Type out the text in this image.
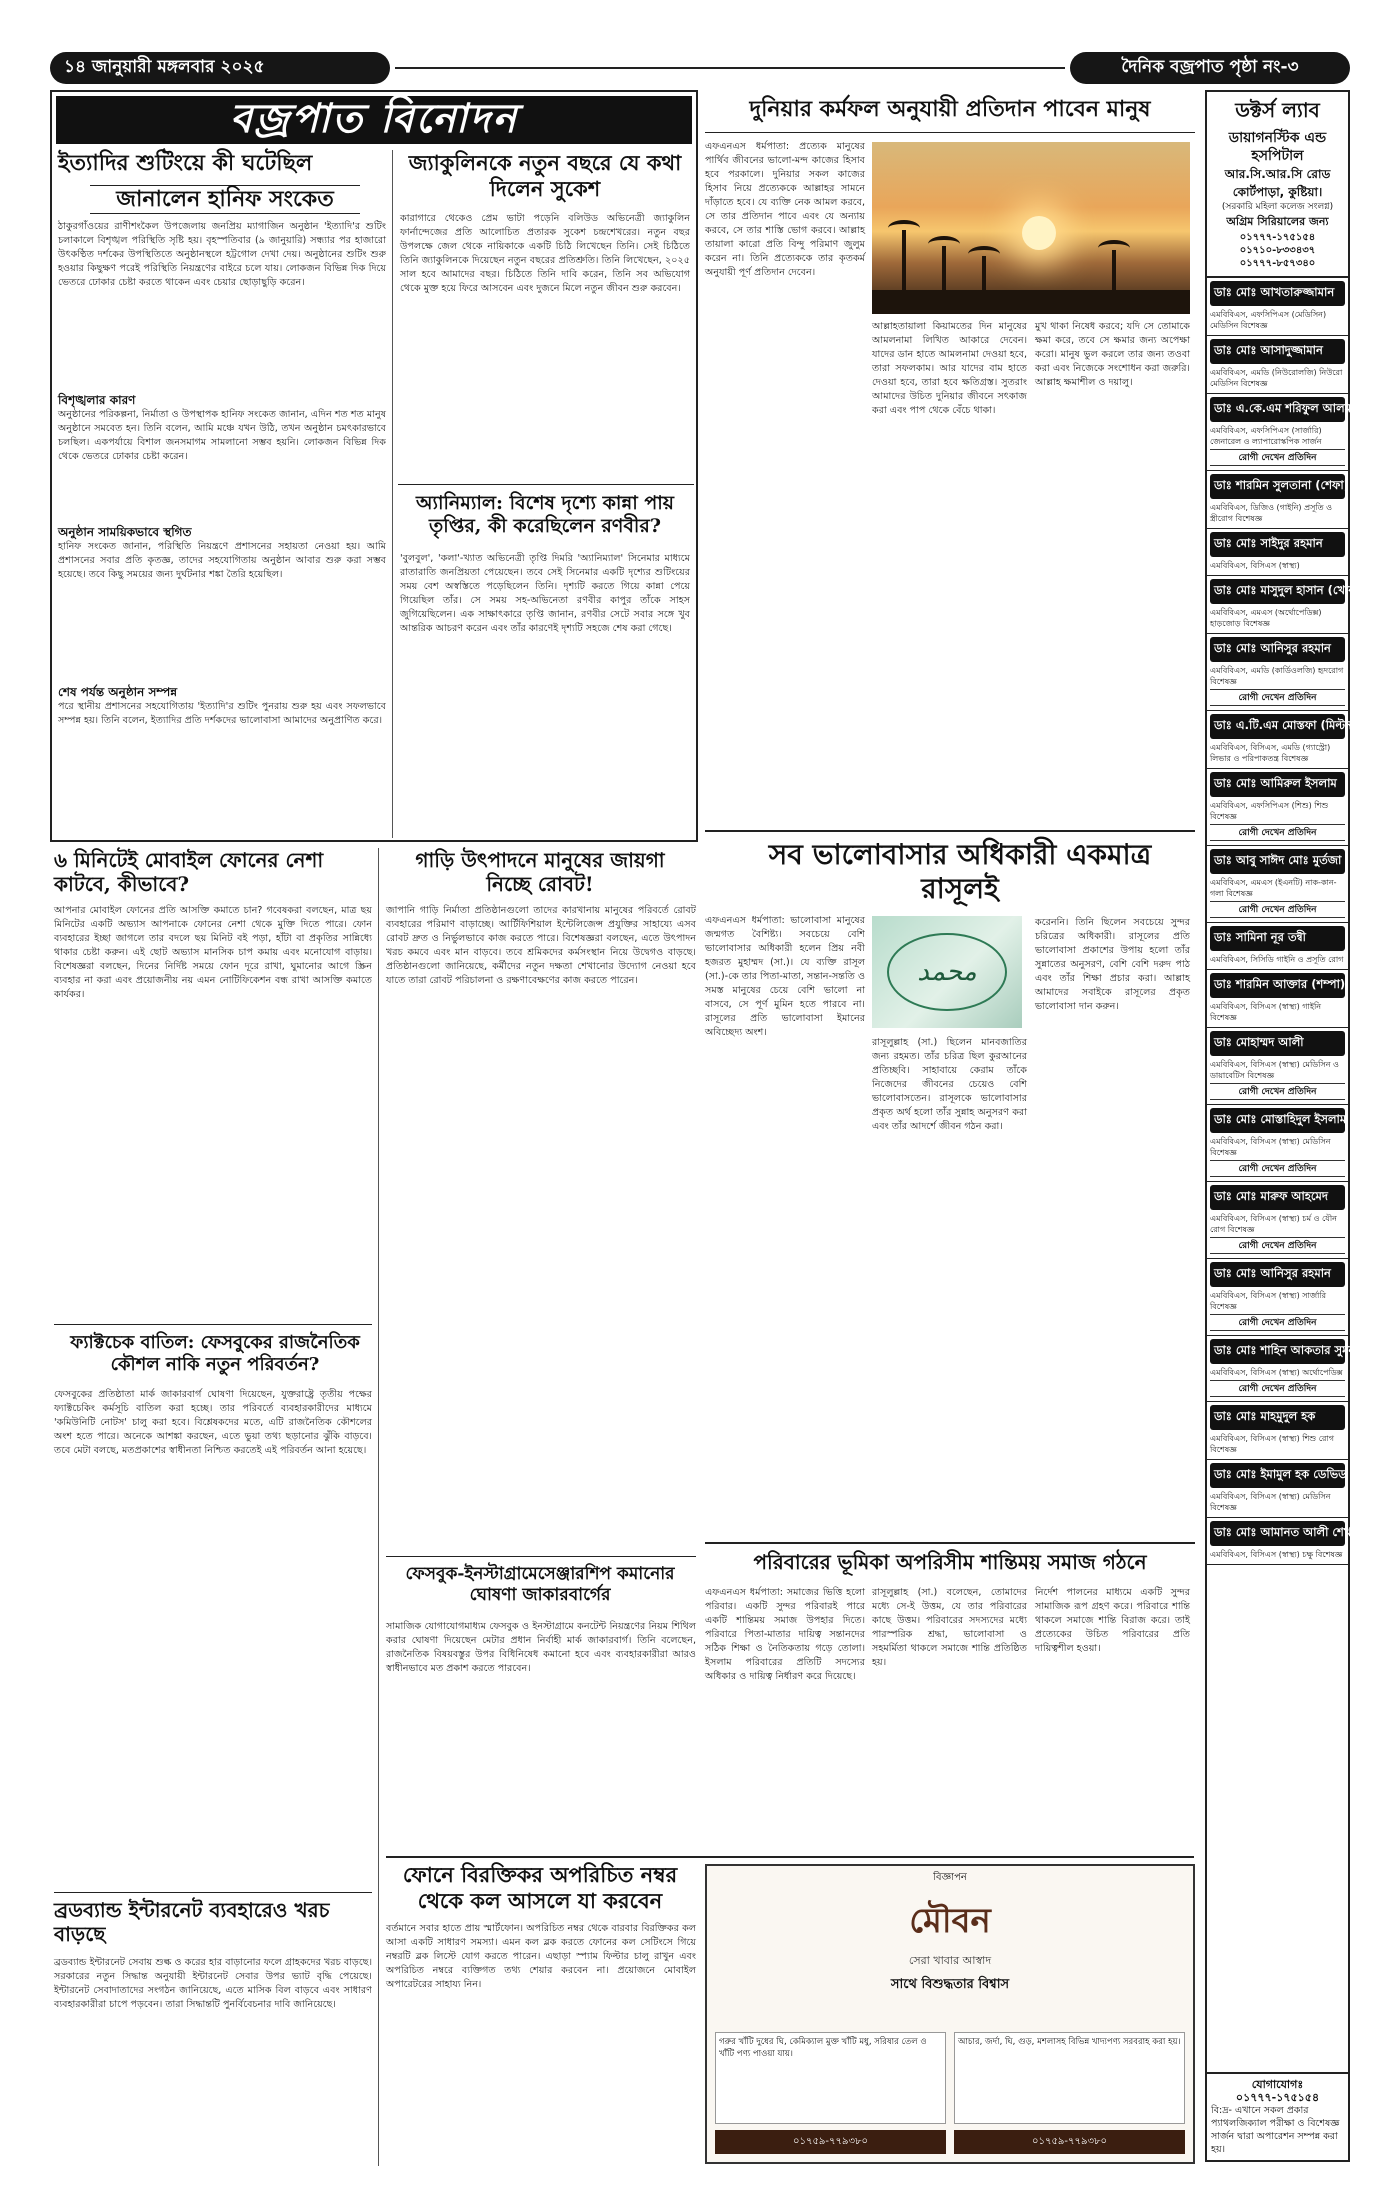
১৪ জানুয়ারী মঙ্গলবার ২০২৫	দৈনিক বজ্রপাত পৃষ্ঠা নং-৩
বজ্রপাত বিনোদন
ইত্যাদির শুটিংয়ে কী ঘটেছিল
জানালেন হানিফ সংকেত
ঠাকুরগাঁওয়ের রাণীশংকৈল উপজেলায় জনপ্রিয় ম্যাগাজিন অনুষ্ঠান 'ইত্যাদি'র শুটিং চলাকালে বিশৃঙ্খল পরিস্থিতি সৃষ্টি হয়। বৃহস্পতিবার (৯ জানুয়ারি) সন্ধ্যার পর হাজারো উৎকণ্ঠিত দর্শকের উপস্থিতিতে অনুষ্ঠানস্থলে হট্টগোল দেখা দেয়। অনুষ্ঠানের শুটিং শুরু হওয়ার কিছুক্ষণ পরেই পরিস্থিতি নিয়ন্ত্রণের বাইরে চলে যায়। লোকজন বিভিন্ন দিক দিয়ে ভেতরে ঢোকার চেষ্টা করতে থাকেন এবং চেয়ার ছোড়াছুড়ি করেন।
বিশৃঙ্খলার কারণ
অনুষ্ঠানের পরিকল্পনা, নির্মাতা ও উপস্থাপক হানিফ সংকেত জানান, এদিন শত শত মানুষ অনুষ্ঠানে সমবেত হন। তিনি বলেন, আমি মঞ্চে যখন উঠি, তখন অনুষ্ঠান চমৎকারভাবে চলছিল। একপর্যায়ে বিশাল জনসমাগম সামলানো সম্ভব হয়নি। লোকজন বিভিন্ন দিক থেকে ভেতরে ঢোকার চেষ্টা করেন।
অনুষ্ঠান সাময়িকভাবে স্থগিত
হানিফ সংকেত জানান, পরিস্থিতি নিয়ন্ত্রণে প্রশাসনের সহায়তা নেওয়া হয়। আমি প্রশাসনের সবার প্রতি কৃতজ্ঞ, তাদের সহযোগিতায় অনুষ্ঠান আবার শুরু করা সম্ভব হয়েছে। তবে কিছু সময়ের জন্য দুর্ঘটনার শঙ্কা তৈরি হয়েছিল।
শেষ পর্যন্ত অনুষ্ঠান সম্পন্ন
পরে স্থানীয় প্রশাসনের সহযোগিতায় 'ইত্যাদি'র শুটিং পুনরায় শুরু হয় এবং সফলভাবে সম্পন্ন হয়। তিনি বলেন, ইত্যাদির প্রতি দর্শকদের ভালোবাসা আমাদের অনুপ্রাণিত করে।
জ্যাকুলিনকে নতুন বছরে যে কথা দিলেন সুকেশ
কারাগারে থেকেও প্রেম ভাটা পড়েনি বলিউড অভিনেত্রী জ্যাকুলিন ফার্নান্দেজের প্রতি আলোচিত প্রতারক সুকেশ চন্দ্রশেখরের। নতুন বছর উপলক্ষে জেল থেকে নায়িকাকে একটি চিঠি লিখেছেন তিনি। সেই চিঠিতে তিনি জ্যাকুলিনকে দিয়েছেন নতুন বছরের প্রতিশ্রুতি। তিনি লিখেছেন, ২০২৫ সাল হবে আমাদের বছর। চিঠিতে তিনি দাবি করেন, তিনি সব অভিযোগ থেকে মুক্ত হয়ে ফিরে আসবেন এবং দুজনে মিলে নতুন জীবন শুরু করবেন।
অ্যানিম্যাল: বিশেষ দৃশ্যে কান্না পায় তৃপ্তির, কী করেছিলেন রণবীর?
'বুলবুল', 'কলা'-খ্যাত অভিনেত্রী তৃপ্তি দিমরি 'অ্যানিম্যাল' সিনেমার মাধ্যমে রাতারাতি জনপ্রিয়তা পেয়েছেন। তবে সেই সিনেমার একটি দৃশ্যের শুটিংয়ের সময় বেশ অস্বস্তিতে পড়েছিলেন তিনি। দৃশ্যটি করতে গিয়ে কান্না পেয়ে গিয়েছিল তাঁর। সে সময় সহ-অভিনেতা রণবীর কাপুর তাঁকে সাহস জুগিয়েছিলেন। এক সাক্ষাৎকারে তৃপ্তি জানান, রণবীর সেটে সবার সঙ্গে খুব আন্তরিক আচরণ করেন এবং তাঁর কারণেই দৃশ্যটি সহজে শেষ করা গেছে।
দুনিয়ার কর্মফল অনুযায়ী প্রতিদান পাবেন মানুষ
এফএনএস ধর্মপাতা: প্রত্যেক মানুষের পার্থিব জীবনের ভালো-মন্দ কাজের হিসাব হবে পরকালে। দুনিয়ার সকল কাজের হিসাব নিয়ে প্রত্যেককে আল্লাহর সামনে দাঁড়াতে হবে। যে ব্যক্তি নেক আমল করবে, সে তার প্রতিদান পাবে এবং যে অন্যায় করবে, সে তার শাস্তি ভোগ করবে। আল্লাহ তায়ালা কারো প্রতি বিন্দু পরিমাণ জুলুম করেন না। তিনি প্রত্যেককে তার কৃতকর্ম অনুযায়ী পূর্ণ প্রতিদান দেবেন।
আল্লাহতায়ালা কিয়ামতের দিন মানুষের আমলনামা লিখিত আকারে দেবেন। যাদের ডান হাতে আমলনামা দেওয়া হবে, তারা সফলকাম। আর যাদের বাম হাতে দেওয়া হবে, তারা হবে ক্ষতিগ্রস্ত। সুতরাং আমাদের উচিত দুনিয়ার জীবনে সৎকাজ করা এবং পাপ থেকে বেঁচে থাকা।
মুখ থাকা নিষেধ করবে; যদি সে তোমাকে ক্ষমা করে, তবে সে ক্ষমার জন্য অপেক্ষা করো। মানুষ ভুল করলে তার জন্য তওবা করা এবং নিজেকে সংশোধন করা জরুরি। আল্লাহ ক্ষমাশীল ও দয়ালু।
সব ভালোবাসার অধিকারী একমাত্র রাসূলই
এফএনএস ধর্মপাতা: ভালোবাসা মানুষের জন্মগত বৈশিষ্ট্য। সবচেয়ে বেশি ভালোবাসার অধিকারী হলেন প্রিয় নবী হজরত মুহাম্মদ (সা.)। যে ব্যক্তি রাসূল (সা.)-কে তার পিতা-মাতা, সন্তান-সন্ততি ও সমস্ত মানুষের চেয়ে বেশি ভালো না বাসবে, সে পূর্ণ মুমিন হতে পারবে না। রাসূলের প্রতি ভালোবাসা ইমানের অবিচ্ছেদ্য অংশ।
محمد
রাসূলুল্লাহ (সা.) ছিলেন মানবজাতির জন্য রহমত। তাঁর চরিত্র ছিল কুরআনের প্রতিচ্ছবি। সাহাবায়ে কেরাম তাঁকে নিজেদের জীবনের চেয়েও বেশি ভালোবাসতেন। রাসূলকে ভালোবাসার প্রকৃত অর্থ হলো তাঁর সুন্নাহ অনুসরণ করা এবং তাঁর আদর্শে জীবন গঠন করা।
করেননি। তিনি ছিলেন সবচেয়ে সুন্দর চরিত্রের অধিকারী। রাসূলের প্রতি ভালোবাসা প্রকাশের উপায় হলো তাঁর সুন্নাতের অনুসরণ, বেশি বেশি দরুদ পাঠ এবং তাঁর শিক্ষা প্রচার করা। আল্লাহ আমাদের সবাইকে রাসূলের প্রকৃত ভালোবাসা দান করুন।
৬ মিনিটেই মোবাইল ফোনের নেশা কাটবে, কীভাবে?
আপনার মোবাইল ফোনের প্রতি আসক্তি কমাতে চান? গবেষকরা বলছেন, মাত্র ছয় মিনিটের একটি অভ্যাস আপনাকে ফোনের নেশা থেকে মুক্তি দিতে পারে। ফোন ব্যবহারের ইচ্ছা জাগলে তার বদলে ছয় মিনিট বই পড়া, হাঁটা বা প্রকৃতির সান্নিধ্যে থাকার চেষ্টা করুন। এই ছোট অভ্যাস মানসিক চাপ কমায় এবং মনোযোগ বাড়ায়। বিশেষজ্ঞরা বলছেন, দিনের নির্দিষ্ট সময়ে ফোন দূরে রাখা, ঘুমানোর আগে স্ক্রিন ব্যবহার না করা এবং প্রয়োজনীয় নয় এমন নোটিফিকেশন বন্ধ রাখা আসক্তি কমাতে কার্যকর।
ফ্যাক্টচেক বাতিল: ফেসবুকের রাজনৈতিক কৌশল নাকি নতুন পরিবর্তন?
ফেসবুকের প্রতিষ্ঠাতা মার্ক জাকারবার্গ ঘোষণা দিয়েছেন, যুক্তরাষ্ট্রে তৃতীয় পক্ষের ফ্যাক্টচেকিং কর্মসূচি বাতিল করা হচ্ছে। তার পরিবর্তে ব্যবহারকারীদের মাধ্যমে 'কমিউনিটি নোটস' চালু করা হবে। বিশ্লেষকদের মতে, এটি রাজনৈতিক কৌশলের অংশ হতে পারে। অনেকে আশঙ্কা করছেন, এতে ভুয়া তথ্য ছড়ানোর ঝুঁকি বাড়বে। তবে মেটা বলছে, মতপ্রকাশের স্বাধীনতা নিশ্চিত করতেই এই পরিবর্তন আনা হয়েছে।
ব্রডব্যান্ড ইন্টারনেট ব্যবহারেও খরচ বাড়ছে
ব্রডব্যান্ড ইন্টারনেট সেবায় শুল্ক ও করের হার বাড়ানোর ফলে গ্রাহকদের খরচ বাড়ছে। সরকারের নতুন সিদ্ধান্ত অনুযায়ী ইন্টারনেট সেবার উপর ভ্যাট বৃদ্ধি পেয়েছে। ইন্টারনেট সেবাদাতাদের সংগঠন জানিয়েছে, এতে মাসিক বিল বাড়বে এবং সাধারণ ব্যবহারকারীরা চাপে পড়বেন। তারা সিদ্ধান্তটি পুনর্বিবেচনার দাবি জানিয়েছে।
গাড়ি উৎপাদনে মানুষের জায়গা নিচ্ছে রোবট!
জাপানি গাড়ি নির্মাতা প্রতিষ্ঠানগুলো তাদের কারখানায় মানুষের পরিবর্তে রোবট ব্যবহারের পরিমাণ বাড়াচ্ছে। আর্টিফিশিয়াল ইন্টেলিজেন্স প্রযুক্তির সাহায্যে এসব রোবট দ্রুত ও নির্ভুলভাবে কাজ করতে পারে। বিশেষজ্ঞরা বলছেন, এতে উৎপাদন খরচ কমবে এবং মান বাড়বে। তবে শ্রমিকদের কর্মসংস্থান নিয়ে উদ্বেগও বাড়ছে। প্রতিষ্ঠানগুলো জানিয়েছে, কর্মীদের নতুন দক্ষতা শেখানোর উদ্যোগ নেওয়া হবে যাতে তারা রোবট পরিচালনা ও রক্ষণাবেক্ষণের কাজ করতে পারেন।
ফেসবুক-ইনস্টাগ্রামেসেঞ্জারশিপ কমানোর ঘোষণা জাকারবার্গের
সামাজিক যোগাযোগমাধ্যম ফেসবুক ও ইনস্টাগ্রামে কনটেন্ট নিয়ন্ত্রণের নিয়ম শিথিল করার ঘোষণা দিয়েছেন মেটার প্রধান নির্বাহী মার্ক জাকারবার্গ। তিনি বলেছেন, রাজনৈতিক বিষয়বস্তুর উপর বিধিনিষেধ কমানো হবে এবং ব্যবহারকারীরা আরও স্বাধীনভাবে মত প্রকাশ করতে পারবেন।
ফোনে বিরক্তিকর অপরিচিত নম্বর থেকে কল আসলে যা করবেন
বর্তমানে সবার হাতে প্রায় স্মার্টফোন। অপরিচিত নম্বর থেকে বারবার বিরক্তিকর কল আসা একটি সাধারণ সমস্যা। এমন কল ব্লক করতে ফোনের কল সেটিংসে গিয়ে নম্বরটি ব্লক লিস্টে যোগ করতে পারেন। এছাড়া স্প্যাম ফিল্টার চালু রাখুন এবং অপরিচিত নম্বরে ব্যক্তিগত তথ্য শেয়ার করবেন না। প্রয়োজনে মোবাইল অপারেটরের সাহায্য নিন।
পরিবারের ভূমিকা অপরিসীম শান্তিময় সমাজ গঠনে
এফএনএস ধর্মপাতা: সমাজের ভিত্তি হলো পরিবার। একটি সুন্দর পরিবারই পারে একটি শান্তিময় সমাজ উপহার দিতে। পরিবারে পিতা-মাতার দায়িত্ব সন্তানদের সঠিক শিক্ষা ও নৈতিকতায় গড়ে তোলা। ইসলাম পরিবারের প্রতিটি সদস্যের অধিকার ও দায়িত্ব নির্ধারণ করে দিয়েছে।
রাসূলুল্লাহ (সা.) বলেছেন, তোমাদের মধ্যে সে-ই উত্তম, যে তার পরিবারের কাছে উত্তম। পরিবারের সদস্যদের মধ্যে পারস্পরিক শ্রদ্ধা, ভালোবাসা ও সহমর্মিতা থাকলে সমাজে শান্তি প্রতিষ্ঠিত হয়।
নির্দেশ পালনের মাধ্যমে একটি সুন্দর সামাজিক রূপ গ্রহণ করে। পরিবারে শান্তি থাকলে সমাজে শান্তি বিরাজ করে। তাই প্রত্যেকের উচিত পরিবারের প্রতি দায়িত্বশীল হওয়া।
বিজ্ঞাপন
মৌবন
সেরা খাবার আস্বাদ
সাথে বিশুদ্ধতার বিশ্বাস
গরুর খাঁটি দুধের ঘি, কেমিক্যাল মুক্ত খাঁটি মধু, সরিষার তেল ও খাঁটি পণ্য পাওয়া যায়।
আচার, জর্দা, ঘি, গুড়, মশলাসহ বিভিন্ন খাদ্যপণ্য সরবরাহ করা হয়।
০১৭৫৯-৭৭৯৩৮০	০১৭৫৯-৭৭৯৩৮০
ডক্টর্স ল্যাব
ডায়াগনস্টিক এন্ড হসপিটাল
আর.সি.আর.সি রোড
কোর্টপাড়া, কুষ্টিয়া।
(সরকারি মহিলা কলেজ সংলগ্ন)
অগ্রিম সিরিয়ালের জন্য
০১৭৭৭-১৭৫১৫৪
০১৭১০-৮৩৩৪৩৭
০১৭৭৭-৮৫৭৩৪০
ডাঃ মোঃ আখতারুজ্জামান
এমবিবিএস, এফসিপিএস (মেডিসিন) মেডিসিন বিশেষজ্ঞ
ডাঃ মোঃ আসাদুজ্জামান
এমবিবিএস, এমডি (নিউরোলজি) নিউরো মেডিসিন বিশেষজ্ঞ
ডাঃ এ.কে.এম শরিফুল আলম
এমবিবিএস, এফসিপিএস (সার্জারি) জেনারেল ও ল্যাপারোস্কপিক সার্জন
রোগী দেখেন প্রতিদিন
ডাঃ শারমিন সুলতানা (শেফা)
এমবিবিএস, ডিজিও (গাইনি) প্রসূতি ও স্ত্রীরোগ বিশেষজ্ঞ
ডাঃ মোঃ সাইদুর রহমান
এমবিবিএস, বিসিএস (স্বাস্থ্য)
ডাঃ মোঃ মাসুদুল হাসান (খোকন)
এমবিবিএস, এমএস (অর্থোপেডিক্স) হাড়জোড় বিশেষজ্ঞ
ডাঃ মোঃ আনিসুর রহমান
এমবিবিএস, এমডি (কার্ডিওলজি) হৃদরোগ বিশেষজ্ঞ
রোগী দেখেন প্রতিদিন
ডাঃ এ.টি.এম মোস্তফা (মিল্টন)
এমবিবিএস, বিসিএস, এমডি (গ্যাস্ট্রো) লিভার ও পরিপাকতন্ত্র বিশেষজ্ঞ
ডাঃ মোঃ আমিরুল ইসলাম
এমবিবিএস, এফসিপিএস (শিশু) শিশু বিশেষজ্ঞ
রোগী দেখেন প্রতিদিন
ডাঃ আবু সাঈদ মোঃ মুর্তজা
এমবিবিএস, এমএস (ইএনটি) নাক-কান-গলা বিশেষজ্ঞ
রোগী দেখেন প্রতিদিন
ডাঃ সামিনা নূর তন্বী
এমবিবিএস, সিসিডি গাইনি ও প্রসূতি রোগ
ডাঃ শারমিন আক্তার (শম্পা)
এমবিবিএস, বিসিএস (স্বাস্থ্য) গাইনি বিশেষজ্ঞ
ডাঃ মোহাম্মদ আলী
এমবিবিএস, বিসিএস (স্বাস্থ্য) মেডিসিন ও ডায়াবেটিস বিশেষজ্ঞ
রোগী দেখেন প্রতিদিন
ডাঃ মোঃ মোস্তাহিদুল ইসলাম
এমবিবিএস, বিসিএস (স্বাস্থ্য) মেডিসিন বিশেষজ্ঞ
রোগী দেখেন প্রতিদিন
ডাঃ মোঃ মারুফ আহমেদ
এমবিবিএস, বিসিএস (স্বাস্থ্য) চর্ম ও যৌন রোগ বিশেষজ্ঞ
রোগী দেখেন প্রতিদিন
ডাঃ মোঃ আনিসুর রহমান
এমবিবিএস, বিসিএস (স্বাস্থ্য) সার্জারি বিশেষজ্ঞ
রোগী দেখেন প্রতিদিন
ডাঃ মোঃ শাহিন আকতার সুমন
এমবিবিএস, বিসিএস (স্বাস্থ্য) অর্থোপেডিক্স
রোগী দেখেন প্রতিদিন
ডাঃ মোঃ মাহমুদুল হক
এমবিবিএস, বিসিএস (স্বাস্থ্য) শিশু রোগ বিশেষজ্ঞ
ডাঃ মোঃ ইমামুল হক ডেভিড
এমবিবিএস, বিসিএস (স্বাস্থ্য) মেডিসিন বিশেষজ্ঞ
ডাঃ মোঃ আমানত আলী শেখ
এমবিবিএস, বিসিএস (স্বাস্থ্য) চক্ষু বিশেষজ্ঞ
যোগাযোগঃ ০১৭৭৭-১৭৫১৫৪
বি:দ্র- এখানে সকল প্রকার প্যাথলজিক্যাল পরীক্ষা ও বিশেষজ্ঞ সার্জন দ্বারা অপারেশন সম্পন্ন করা হয়।
